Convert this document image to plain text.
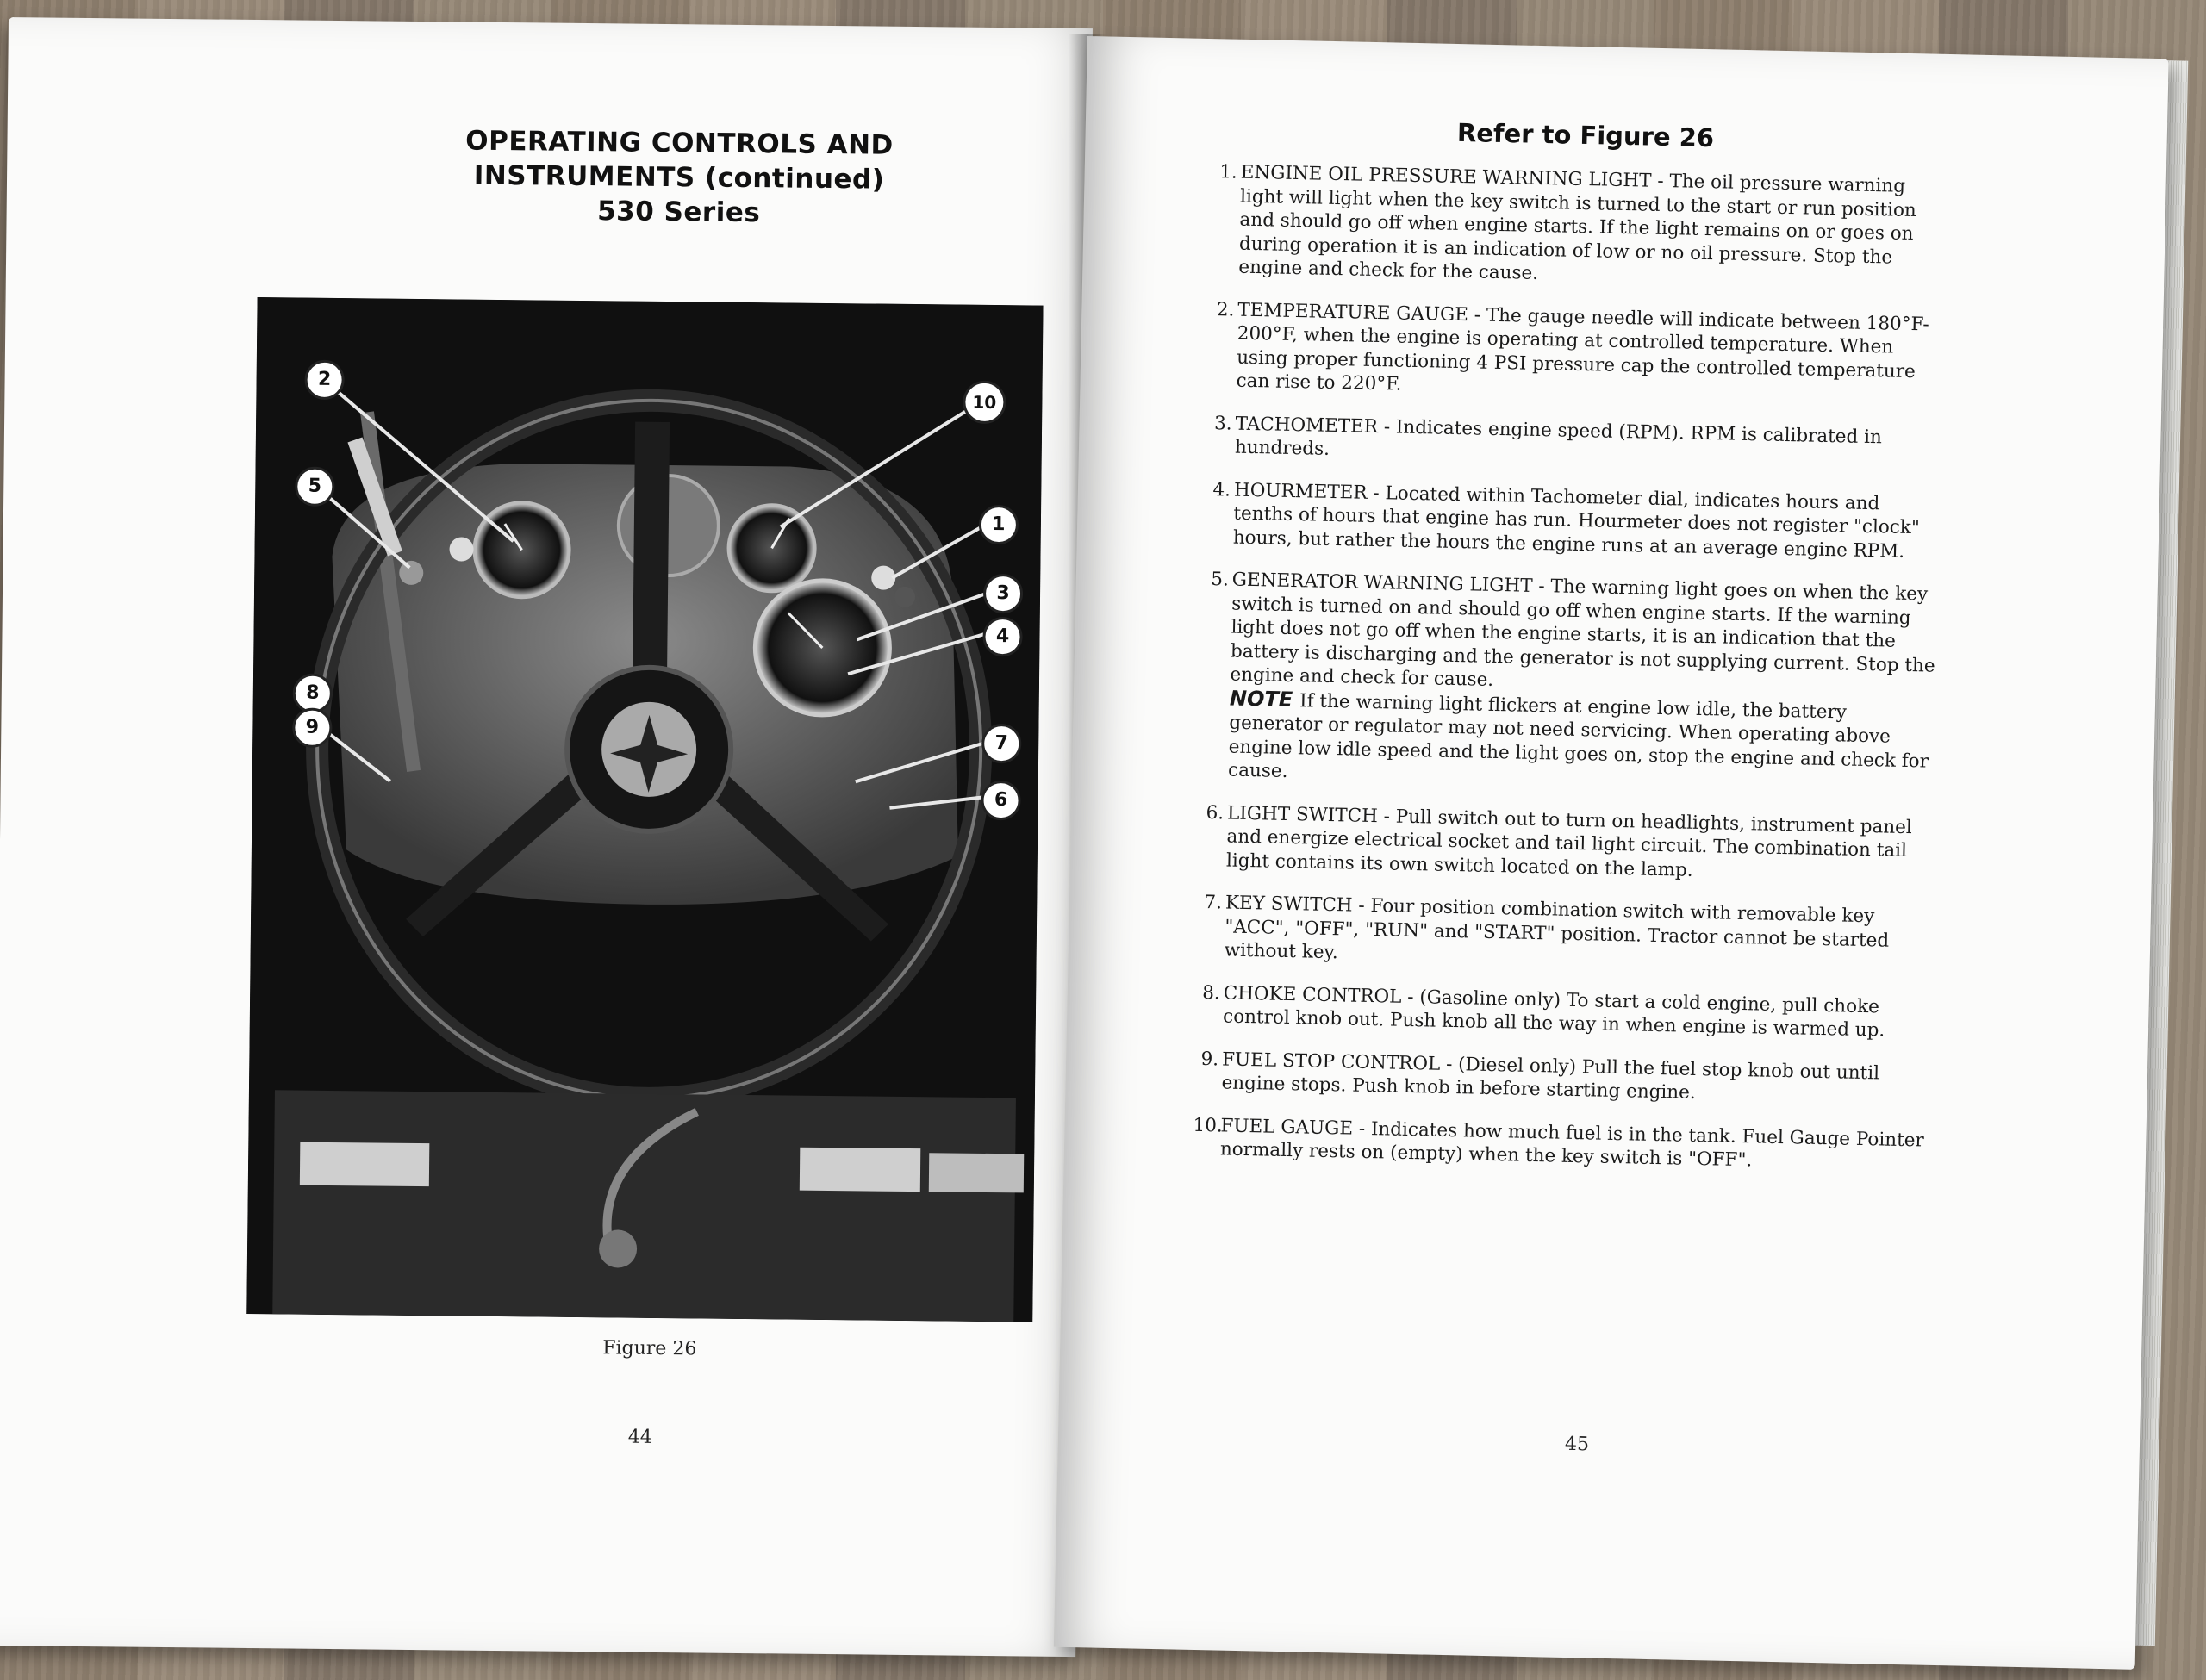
OPERATING CONTROLS AND
INSTRUMENTS (continued)
530 Series
2
10
5
1
3
4
8
9
7
6
Figure 26
44
Refer to Figure 26
1. ENGINE OIL PRESSURE WARNING LIGHT - The oil pressure warning light will light when the key switch is turned to the start or run position and should go off when engine starts. If the light remains on or goes on during operation it is an indication of low or no oil pressure. Stop the engine and check for the cause.
2. TEMPERATURE GAUGE - The gauge needle will indicate between 180°F-200°F, when the engine is operating at controlled temperature. When using proper functioning 4 PSI pressure cap the controlled temperature can rise to 220°F.
3. TACHOMETER - Indicates engine speed (RPM). RPM is calibrated in hundreds.
4. HOURMETER - Located within Tachometer dial, indicates hours and tenths of hours that engine has run. Hourmeter does not register "clock" hours, but rather the hours the engine runs at an average engine RPM.
5. GENERATOR WARNING LIGHT - The warning light goes on when the key switch is turned on and should go off when engine starts. If the warning light does not go off when the engine starts, it is an indication that the battery is discharging and the generator is not supplying current. Stop the engine and check for cause.
NOTE If the warning light flickers at engine low idle, the battery generator or regulator may not need servicing. When operating above engine low idle speed and the light goes on, stop the engine and check for cause.
6. LIGHT SWITCH - Pull switch out to turn on headlights, instrument panel and energize electrical socket and tail light circuit. The combination tail light contains its own switch located on the lamp.
7. KEY SWITCH - Four position combination switch with removable key "ACC", "OFF", "RUN" and "START" position. Tractor cannot be started without key.
8. CHOKE CONTROL - (Gasoline only) To start a cold engine, pull choke control knob out. Push knob all the way in when engine is warmed up.
9. FUEL STOP CONTROL - (Diesel only) Pull the fuel stop knob out until engine stops. Push knob in before starting engine.
10.
FUEL GAUGE - Indicates how much fuel is in the tank. Fuel Gauge Pointer normally rests on (empty) when the key switch is "OFF".
45
